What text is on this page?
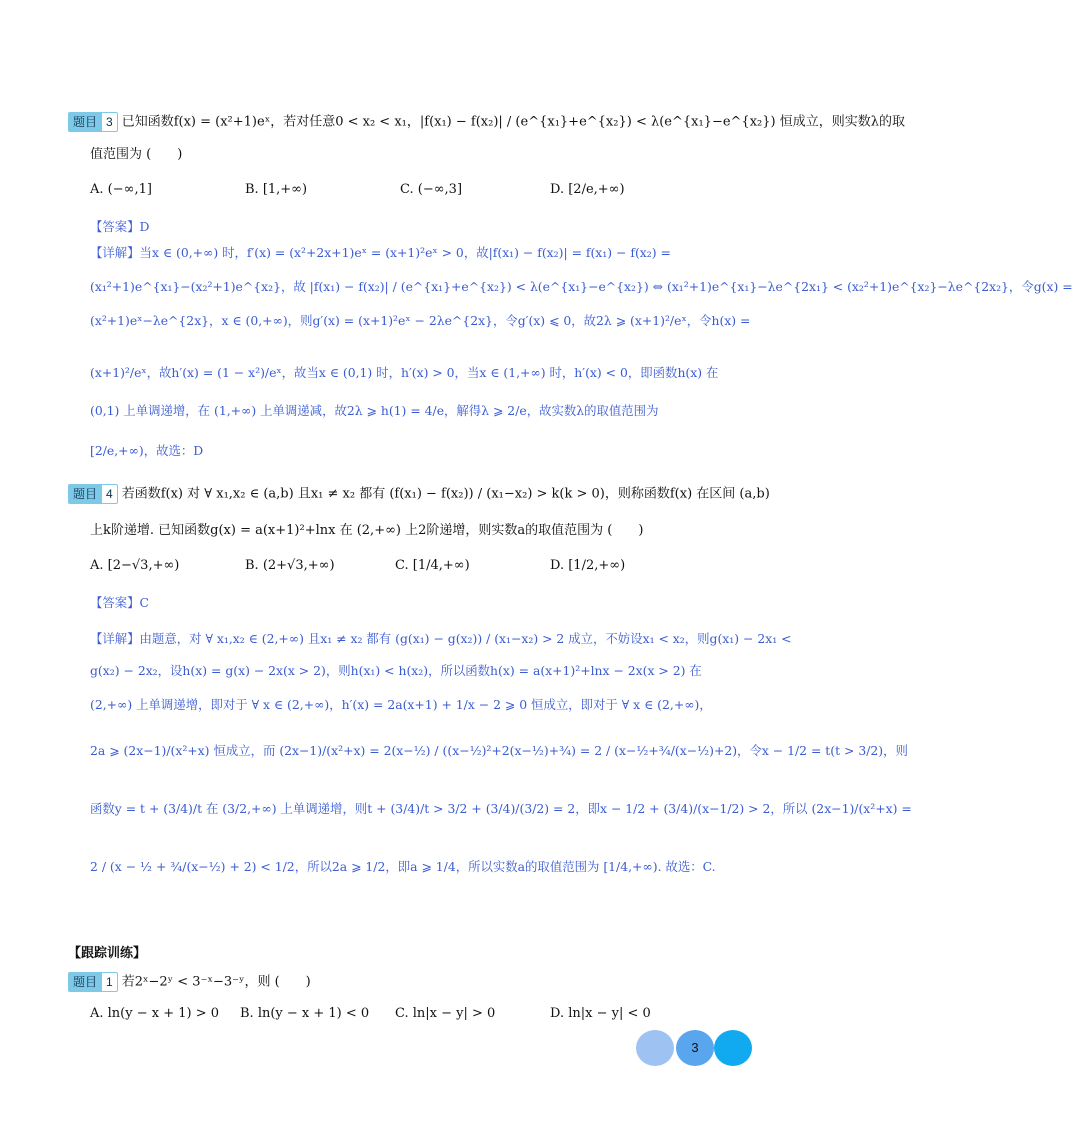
题目 3 已知函数f(x) = (x²+1)eˣ，若对任意0 < x₂ < x₁，|f(x₁) − f(x₂)| / (e^{x₁}+e^{x₂}) < λ(e^{x₁}−e^{x₂}) 恒成立，则实数λ的取
值范围为 (　　)
A. (−∞,1]	B. [1,+∞)	C. (−∞,3]	D. [2/e,+∞)
【答案】D
【详解】当x ∈ (0,+∞) 时，f′(x) = (x²+2x+1)eˣ = (x+1)²eˣ > 0，故|f(x₁) − f(x₂)| = f(x₁) − f(x₂) =
(x₁²+1)e^{x₁}−(x₂²+1)e^{x₂}，故 |f(x₁) − f(x₂)| / (e^{x₁}+e^{x₂}) < λ(e^{x₁}−e^{x₂}) ⇔ (x₁²+1)e^{x₁}−λe^{2x₁} < (x₂²+1)e^{x₂}−λe^{2x₂}，令g(x) =
(x²+1)eˣ−λe^{2x}，x ∈ (0,+∞)，则g′(x) = (x+1)²eˣ − 2λe^{2x}，令g′(x) ⩽ 0，故2λ ⩾ (x+1)²/eˣ，令h(x) =
(x+1)²/eˣ，故h′(x) = (1 − x²)/eˣ，故当x ∈ (0,1) 时，h′(x) > 0，当x ∈ (1,+∞) 时，h′(x) < 0，即函数h(x) 在
(0,1) 上单调递增，在 (1,+∞) 上单调递减，故2λ ⩾ h(1) = 4/e，解得λ ⩾ 2/e，故实数λ的取值范围为
[2/e,+∞)，故选：D
题目 4 若函数f(x) 对 ∀ x₁,x₂ ∈ (a,b) 且x₁ ≠ x₂ 都有 (f(x₁) − f(x₂)) / (x₁−x₂) > k(k > 0)，则称函数f(x) 在区间 (a,b)
上k阶递增. 已知函数g(x) = a(x+1)²+lnx 在 (2,+∞) 上2阶递增，则实数a的取值范围为 (　　)
A. [2−√3,+∞)	B. (2+√3,+∞)	C. [1/4,+∞)	D. [1/2,+∞)
【答案】C
【详解】由题意，对 ∀ x₁,x₂ ∈ (2,+∞) 且x₁ ≠ x₂ 都有 (g(x₁) − g(x₂)) / (x₁−x₂) > 2 成立，不妨设x₁ < x₂，则g(x₁) − 2x₁ <
g(x₂) − 2x₂，设h(x) = g(x) − 2x(x > 2)，则h(x₁) < h(x₂)，所以函数h(x) = a(x+1)²+lnx − 2x(x > 2) 在
(2,+∞) 上单调递增，即对于 ∀ x ∈ (2,+∞)，h′(x) = 2a(x+1) + 1/x − 2 ⩾ 0 恒成立，即对于 ∀ x ∈ (2,+∞)，
2a ⩾ (2x−1)/(x²+x) 恒成立，而 (2x−1)/(x²+x) = 2(x−½) / ((x−½)²+2(x−½)+¾) = 2 / (x−½+¾/(x−½)+2)，令x − 1/2 = t(t > 3/2)，则
函数y = t + (3/4)/t 在 (3/2,+∞) 上单调递增，则t + (3/4)/t > 3/2 + (3/4)/(3/2) = 2，即x − 1/2 + (3/4)/(x−1/2) > 2，所以 (2x−1)/(x²+x) =
2 / (x − ½ + ¾/(x−½) + 2) < 1/2，所以2a ⩾ 1/2，即a ⩾ 1/4，所以实数a的取值范围为 [1/4,+∞). 故选：C.
【跟踪训练】
题目 1 若2ˣ−2ʸ < 3⁻ˣ−3⁻ʸ，则 (　　)
A. ln(y − x + 1) > 0 B. ln(y − x + 1) < 0 C. ln|x − y| > 0	D. ln|x − y| < 0
3
